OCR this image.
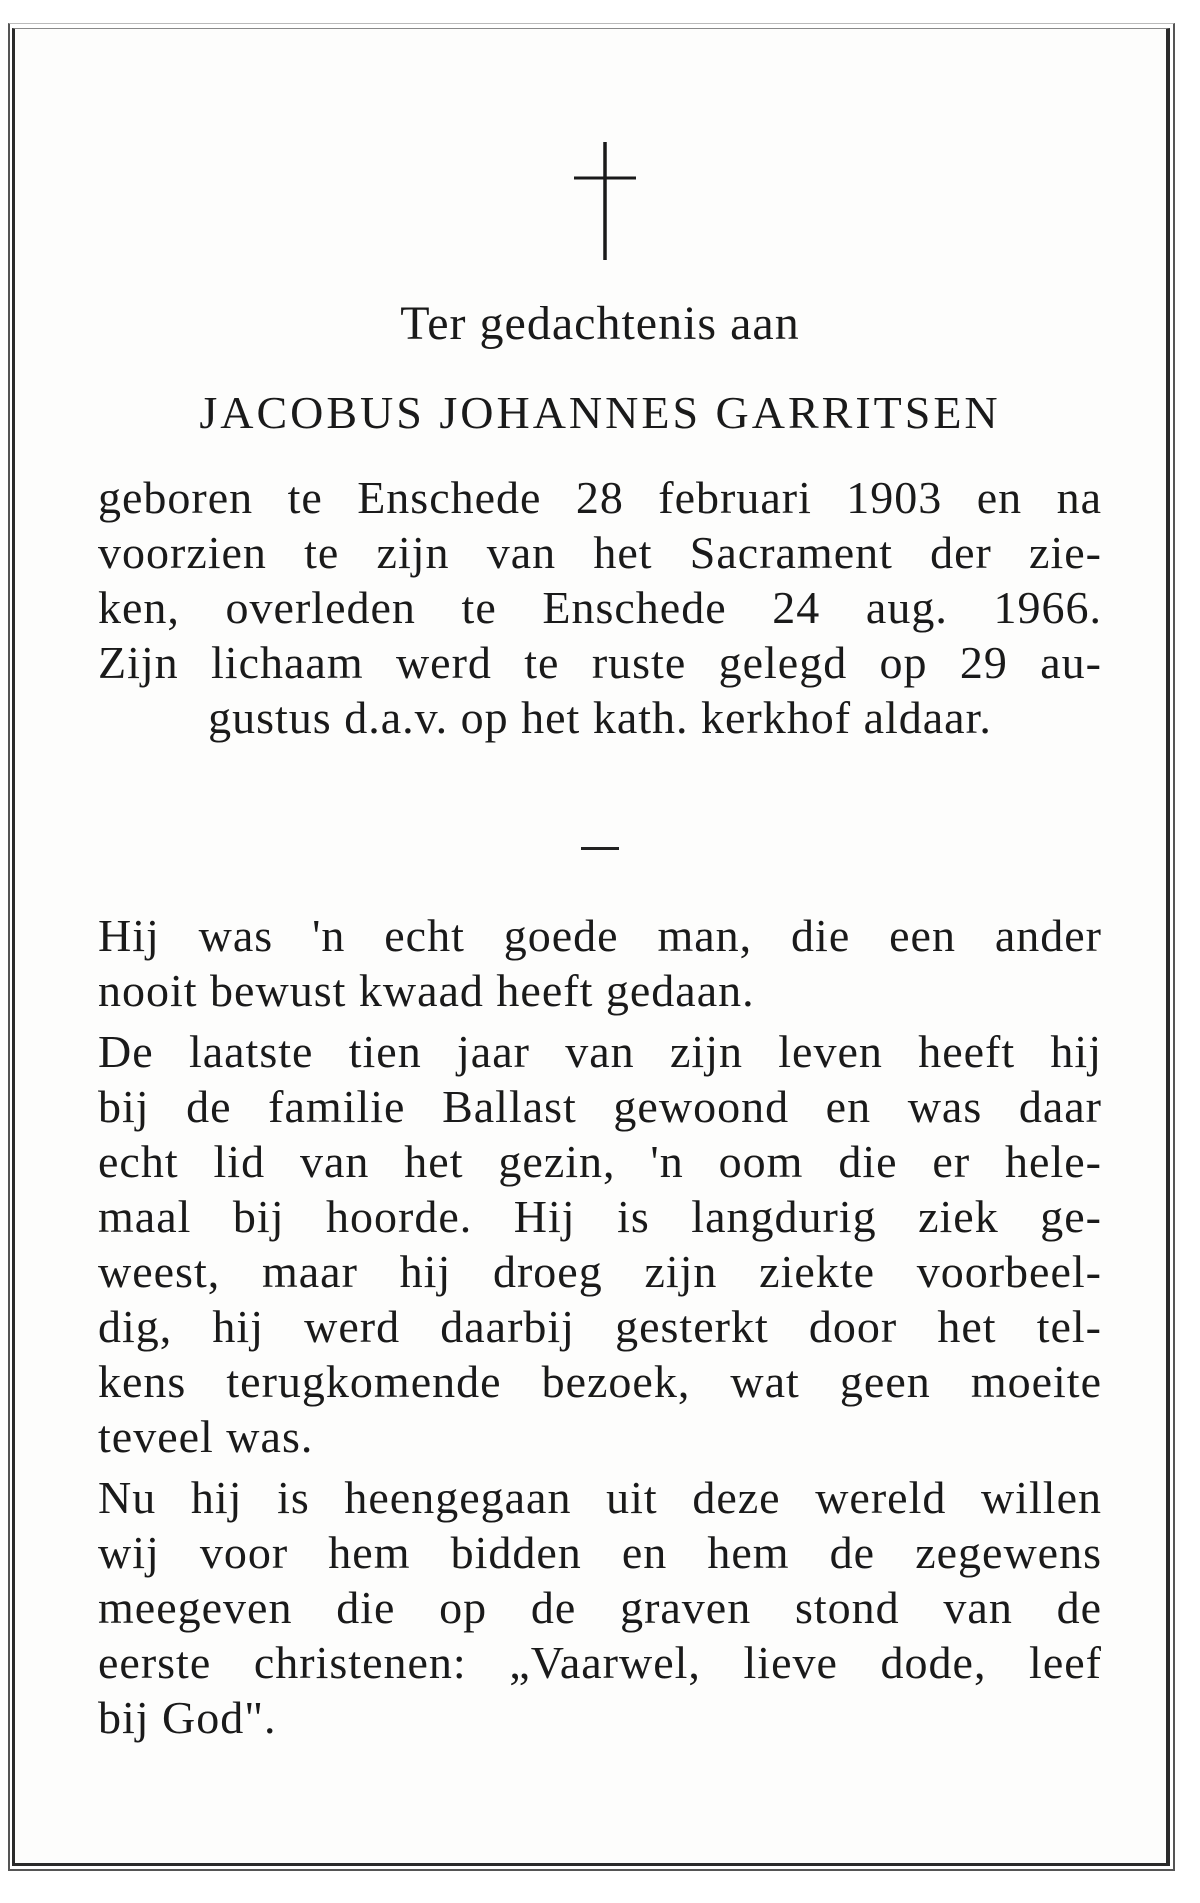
Ter gedachtenis aan
JACOBUS JOHANNES GARRITSEN
geboren te Enschede 28 februari 1903 en na
voorzien te zijn van het Sacrament der zie-
ken, overleden te Enschede 24 aug. 1966.
Zijn lichaam werd te ruste gelegd op 29 au-
gustus d.a.v. op het kath. kerkhof aldaar.
Hij was 'n echt goede man, die een ander
nooit bewust kwaad heeft gedaan.
De laatste tien jaar van zijn leven heeft hij
bij de familie Ballast gewoond en was daar
echt lid van het gezin, 'n oom die er hele-
maal bij hoorde. Hij is langdurig ziek ge-
weest, maar hij droeg zijn ziekte voorbeel-
dig, hij werd daarbij gesterkt door het tel-
kens terugkomende bezoek, wat geen moeite
teveel was.
Nu hij is heengegaan uit deze wereld willen
wij voor hem bidden en hem de zegewens
meegeven die op de graven stond van de
eerste christenen: „Vaarwel, lieve dode, leef
bij God".
